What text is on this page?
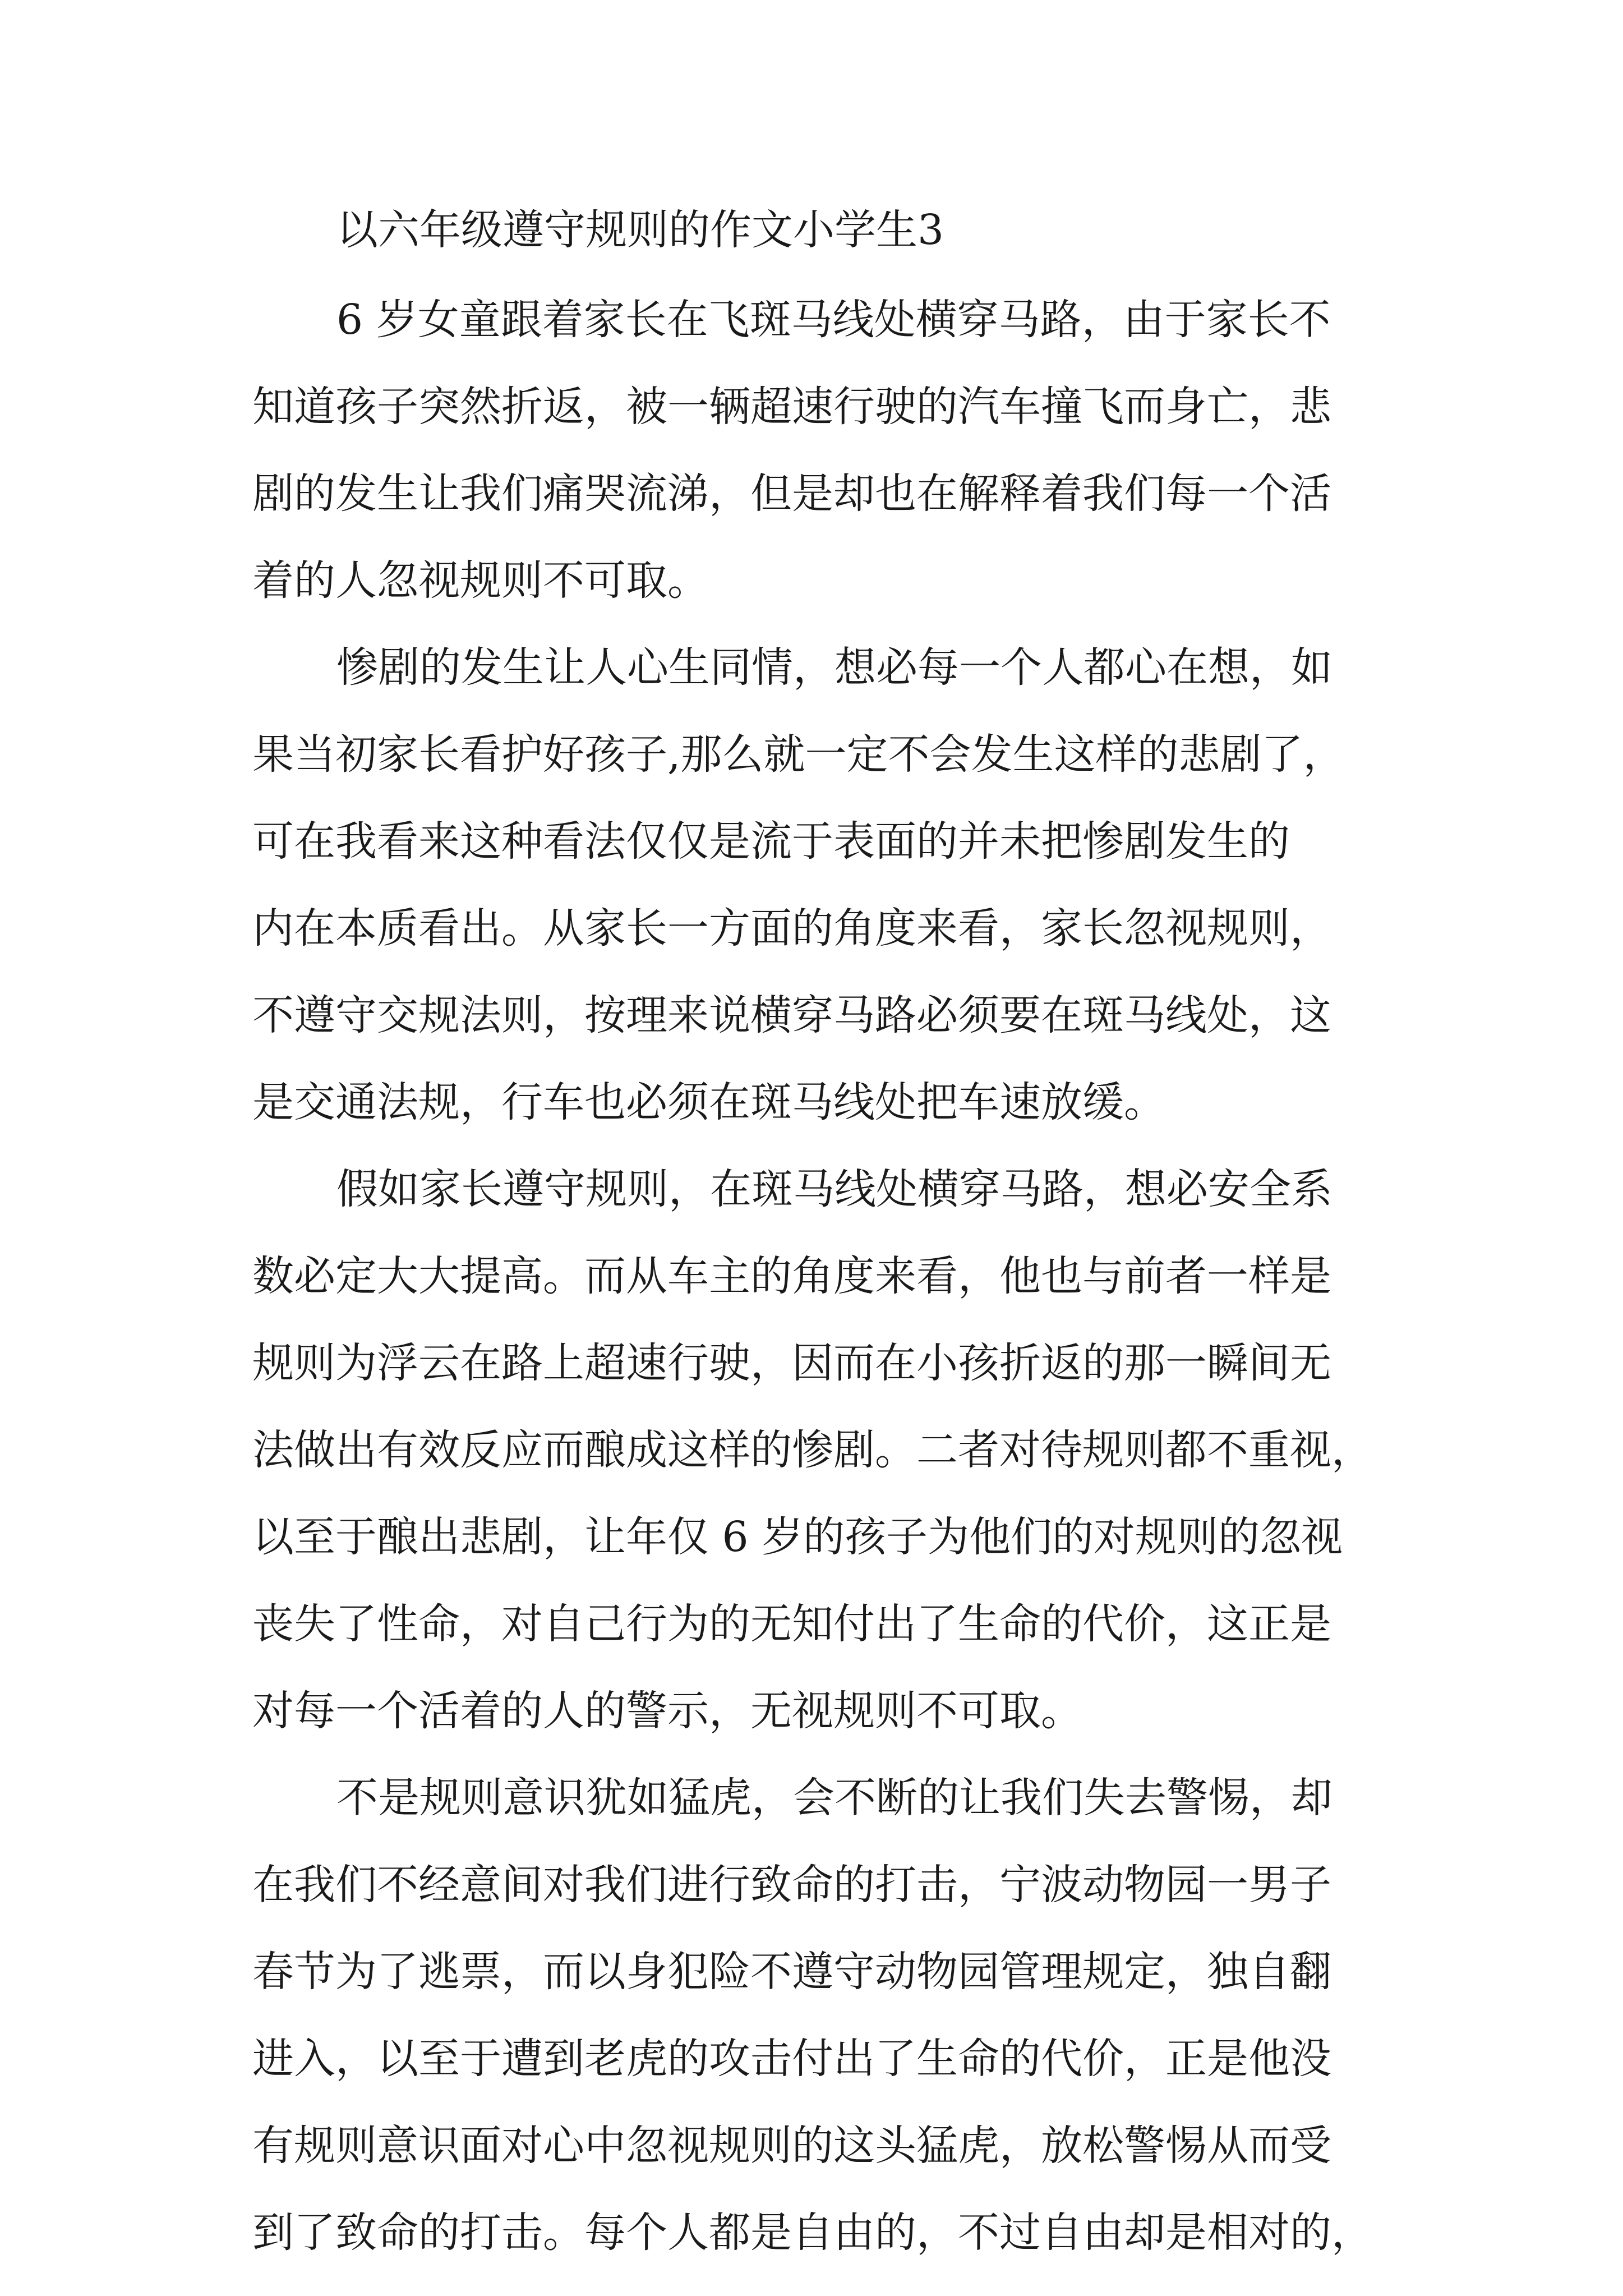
以六年级遵守规则的作文小学生3

6 岁女童跟着家长在飞斑马线处横穿马路，由于家长不

知道孩子突然折返，被一辆超速行驶的汽车撞飞而身亡，悲

剧的发生让我们痛哭流涕，但是却也在解释着我们每一个活

着的人忽视规则不可取。

惨剧的发生让人心生同情，想必每一个人都心在想，如

果当初家长看护好孩子,那么就一定不会发生这样的悲剧了，

可在我看来这种看法仅仅是流于表面的并未把惨剧发生的

内在本质看出。从家长一方面的角度来看，家长忽视规则，

不遵守交规法则，按理来说横穿马路必须要在斑马线处，这

是交通法规，行车也必须在斑马线处把车速放缓。

假如家长遵守规则，在斑马线处横穿马路，想必安全系

数必定大大提高。而从车主的角度来看，他也与前者一样是

规则为浮云在路上超速行驶，因而在小孩折返的那一瞬间无

法做出有效反应而酿成这样的惨剧。二者对待规则都不重视，

以至于酿出悲剧，让年仅 6 岁的孩子为他们的对规则的忽视

丧失了性命，对自己行为的无知付出了生命的代价，这正是

对每一个活着的人的警示，无视规则不可取。

不是规则意识犹如猛虎，会不断的让我们失去警惕，却

在我们不经意间对我们进行致命的打击，宁波动物园一男子

春节为了逃票，而以身犯险不遵守动物园管理规定，独自翻

进入，以至于遭到老虎的攻击付出了生命的代价，正是他没

有规则意识面对心中忽视规则的这头猛虎，放松警惕从而受

到了致命的打击。每个人都是自由的，不过自由却是相对的，
